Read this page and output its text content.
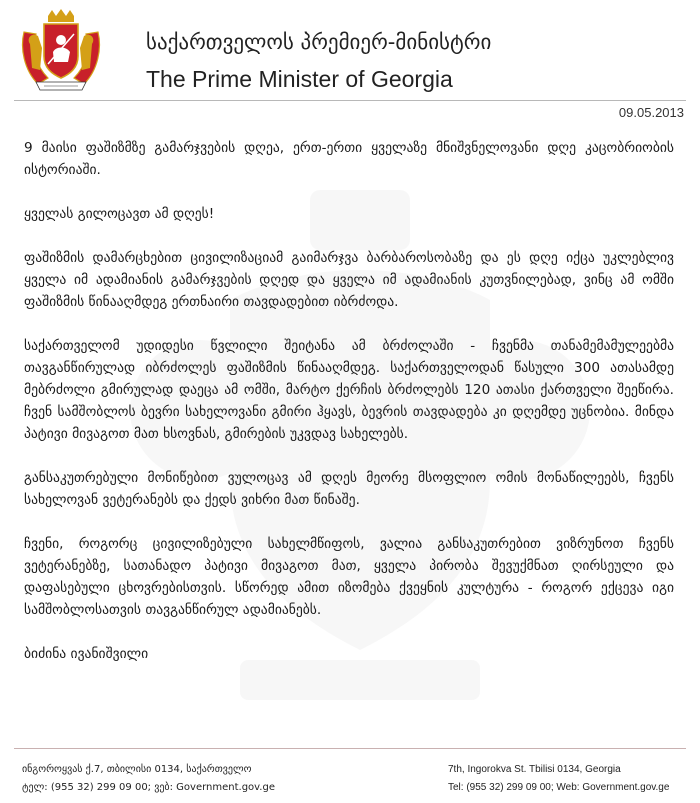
საქართველოს პრემიერ-მინისტრი
The Prime Minister of Georgia
09.05.2013

9 მაისი ფაშიზმზე გამარჯვების დღეა, ერთ-ერთი ყველაზე მნიშვნელოვანი დღე კაცობრიობის ისტორიაში.

ყველას გილოცავთ ამ დღეს!

ფაშიზმის დამარცხებით ცივილიზაციამ გაიმარჯვა ბარბაროსობაზე და ეს დღე იქცა უკლებლივ ყველა იმ ადამიანის გამარჯვების დღედ და ყველა იმ ადამიანის კუთვნილებად, ვინც ამ ომში ფაშიზმის წინააღმდეგ ერთნაირი თავდადებით იბრძოდა.

საქართველომ უდიდესი წვლილი შეიტანა ამ ბრძოლაში - ჩვენმა თანამემამულეებმა თავგანწირულად იბრძოლეს ფაშიზმის წინააღმდეგ. საქართველოდან წასული 300 ათასამდე მებრძოლი გმირულად დაეცა ამ ომში, მარტო ქერჩის ბრძოლებს 120 ათასი ქართველი შეეწირა. ჩვენ სამშობლოს ბევრი სახელოვანი გმირი ჰყავს, ბევრის თავდადება კი დღემდე უცნობია. მინდა პატივი მივაგოთ მათ ხსოვნას, გმირების უკვდავ სახელებს.

განსაკუთრებული მონიწებით ვულოცავ ამ დღეს მეორე მსოფლიო ომის მონაწილეებს, ჩვენს სახელოვან ვეტერანებს და ქედს ვიხრი მათ წინაშე.

ჩვენი, როგორც ცივილიზებული სახელმწიფოს, ვალია განსაკუთრებით ვიზრუნოთ ჩვენს ვეტერანებზე, სათანადო პატივი მივაგოთ მათ, ყველა პირობა შევუქმნათ ღირსეული და დაფასებული ცხოვრებისთვის. სწორედ ამით იზომება ქვეყნის კულტურა - როგორ ექცევა იგი სამშობლოსათვის თავგანწირულ ადამიანებს.

ბიძინა ივანიშვილი

ინგოროყვას ქ.7, თბილისი 0134, საქართველო
ტელ: (955 32) 299 09 00; ვებ: Government.gov.ge
7th, Ingorokva St. Tbilisi 0134, Georgia
Tel: (955 32) 299 09 00; Web: Government.gov.ge
